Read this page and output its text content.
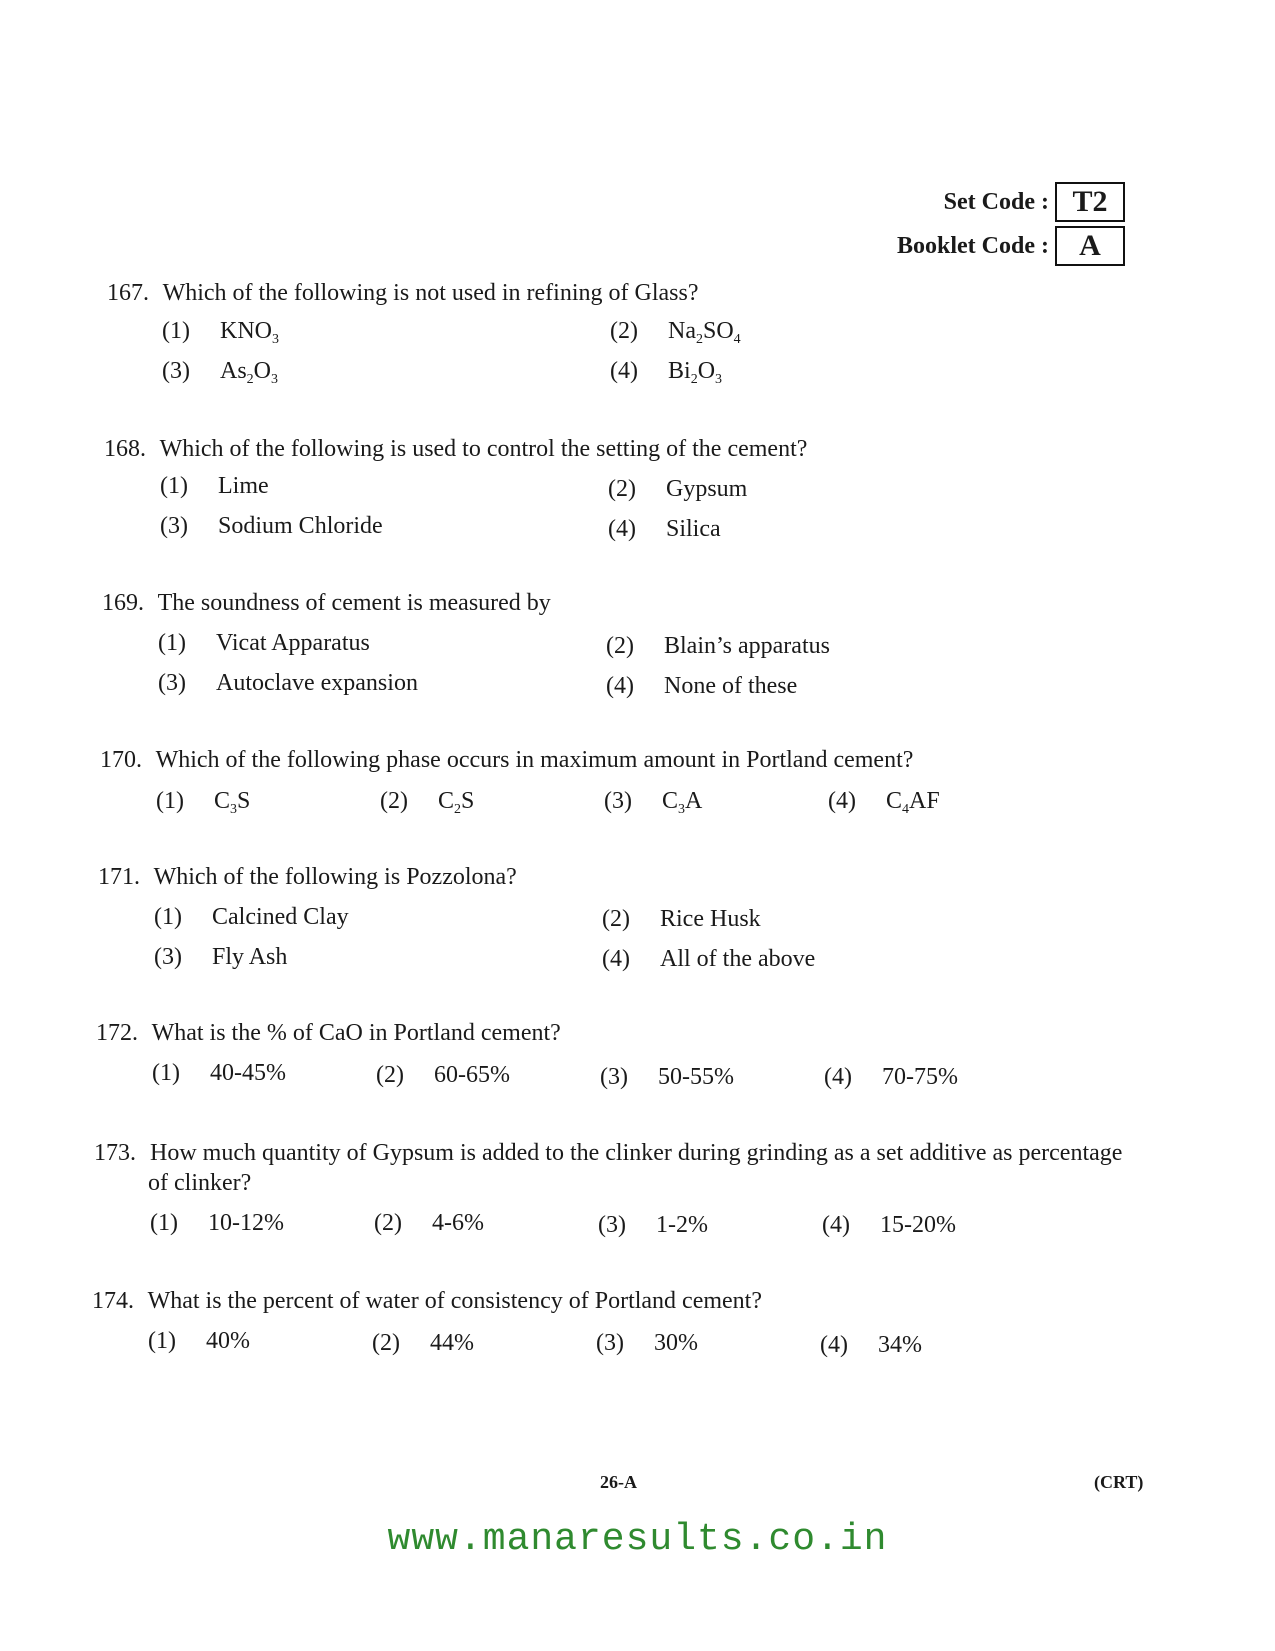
Set Code : T2
Booklet Code :	A
167. Which of the following is not used in refining of Glass?
(1) $KNO_3$	(2) $Na_2SO_4$
(3) $As_2O_3$	(4) $Bi_2O_3$
168. Which of the following is used to control the setting of the cement?
(1) Lime	(2) Gypsum
(3) Sodium Chloride	(4) Silica
169. The soundness of cement is measured by
(1) Vicat Apparatus	(2) Blain’s apparatus
(3) Autoclave expansion	(4) None of these
170. Which of the following phase occurs in maximum amount in Portland cement?
(1) $C_3S$	(2) $C_2S$	(3) $C_3A$	(4) $C_4AF$
171. Which of the following is Pozzolona?
(1) Calcined Clay	(2) Rice Husk
(3) Fly Ash	(4) All of the above
172. What is the % of CaO in Portland cement?
(1) 40-45%	(2) 60-65%	(3) 50-55%	(4) 70-75%
173. How much quantity of Gypsum is added to the clinker during grinding as a set additive as percentage
of clinker?
(1) 10-12%	(2) 4-6%	(3) 1-2%	(4) 15-20%
174. What is the percent of water of consistency of Portland cement?
(1) 40%	(2) 44%	(3) 30%	(4) 34%
26-A	(CRT)
www.manaresults.co.in
